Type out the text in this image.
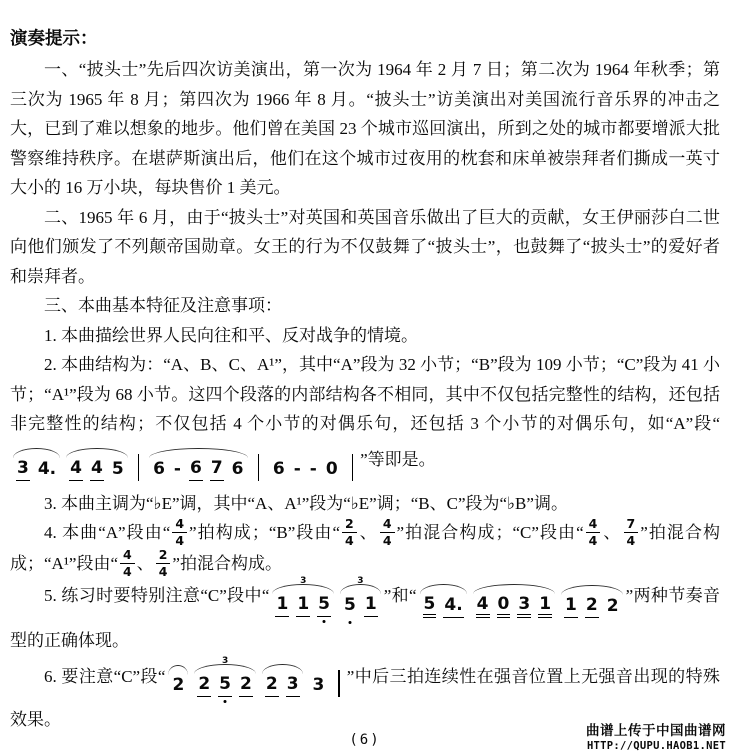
演奏提示：

一、“披头士”先后四次访美演出，第一次为 1964 年 2 月 7 日；第二次为 1964 年秋季；第三次为 1965 年 8 月；第四次为 1966 年 8 月。“披头士”访美演出对美国流行音乐界的冲击之大，已到了难以想象的地步。他们曾在美国 23 个城市巡回演出，所到之处的城市都要增派大批警察维持秩序。在堪萨斯演出后，他们在这个城市过夜用的枕套和床单被崇拜者们撕成一英寸大小的 16 万小块，每块售价 1 美元。

二、1965 年 6 月，由于“披头士”对英国和英国音乐做出了巨大的贡献，女王伊丽莎白二世向他们颁发了不列颠帝国勋章。女王的行为不仅鼓舞了“披头士”，也鼓舞了“披头士”的爱好者和崇拜者。

三、本曲基本特征及注意事项：

1. 本曲描绘世界人民向往和平、反对战争的情境。

2. 本曲结构为：“A、B、C、A¹”，其中“A”段为 32 小节；“B”段为 109 小节；“C”段为 41 小节；“A¹”段为 68 小节。这四个段落的内部结构各不相同，其中不仅包括完整性的结构，还包括非完整性的结构；不仅包括 4 个小节的对偶乐句，还包括 3 个小节的对偶乐句，如“A”段“
3 4. 4 4 5 6 - 6 7 6 6 - - 0 ”等即是。

3. 本曲主调为“♭E”调，其中“A、A¹”段为“♭E”调；“B、C”段为“♭B”调。

4. 本曲“A”段由“ $\frac{4}{4}$ ”拍构成；“B”段由“ $\frac{2}{4}$ 、 $\frac{4}{4}$ ”拍混合构成；“C”段由“ $\frac{4}{4}$ 、 $\frac{7}{4}$ ”拍混合构成；“A¹”段由“ $\frac{4}{4}$ 、 $\frac{2}{4}$ ”拍混合构成。

5. 练习时要特别注意“C”段中“
3
1 1 5
3
5 1 ”和“ 5 4. 4 0 3 1 1 2 2
”两种节奏音型的正确体现。

6. 要注意“C”段“ 2
3
2 5 2 2 3 3 ”中后三拍连续性在强音位置上无强音出现的特殊效果。

(6)
曲谱上传于中国曲谱网
HTTP://QUPU.HAOB1.NET
